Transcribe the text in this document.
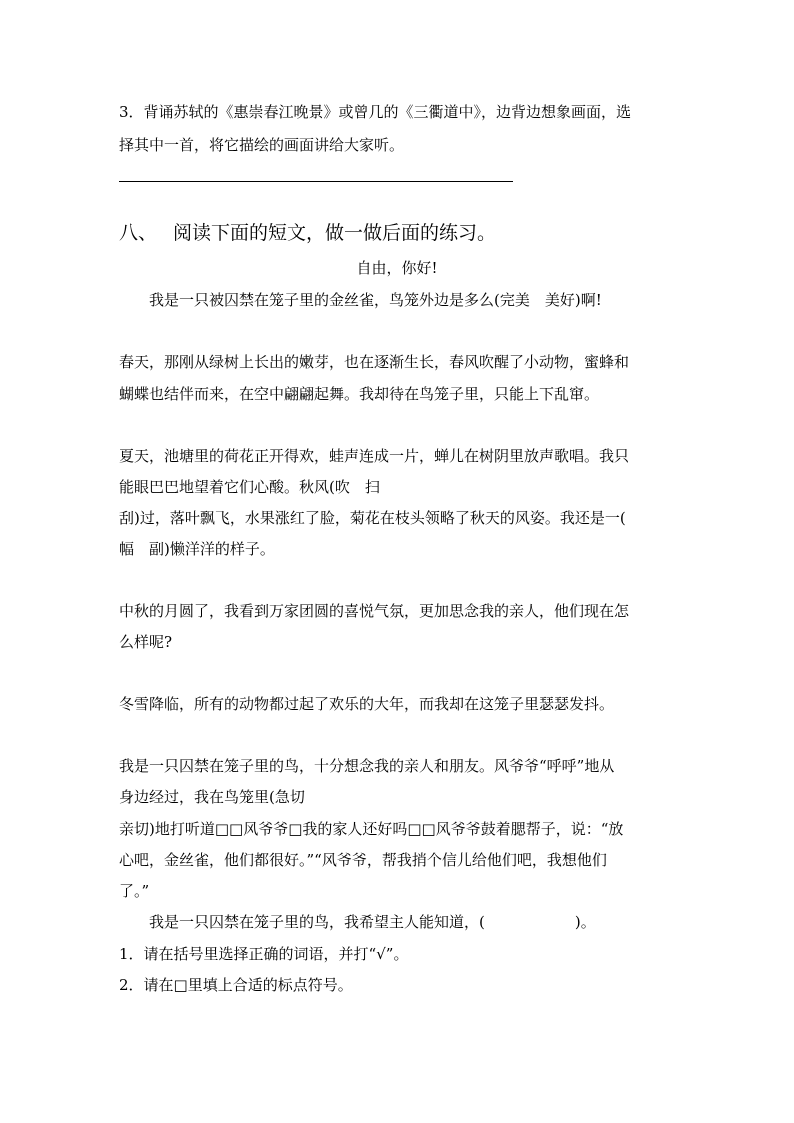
3．背诵苏轼的《惠崇春江晚景》或曾几的《三衢道中》，边背边想象画面，选
择其中一首，将它描绘的画面讲给大家听。
八、 阅读下面的短文，做一做后面的练习。
自由，你好!
　　我是一只被囚禁在笼子里的金丝雀，鸟笼外边是多么(完美　美好)啊!
春天，那刚从绿树上长出的嫩芽，也在逐渐生长，春风吹醒了小动物，蜜蜂和
蝴蝶也结伴而来，在空中翩翩起舞。我却待在鸟笼子里，只能上下乱窜。
夏天，池塘里的荷花正开得欢，蛙声连成一片，蝉儿在树阴里放声歌唱。我只
能眼巴巴地望着它们心酸。秋风(吹　扫
刮)过，落叶飘飞，水果涨红了脸，菊花在枝头领略了秋天的风姿。我还是一(
幅　副)懒洋洋的样子。
中秋的月圆了，我看到万家团圆的喜悦气氛，更加思念我的亲人，他们现在怎
么样呢?
冬雪降临，所有的动物都过起了欢乐的大年，而我却在这笼子里瑟瑟发抖。
我是一只囚禁在笼子里的鸟，十分想念我的亲人和朋友。风爷爷“呼呼”地从
身边经过，我在鸟笼里(急切
亲切)地打听道□□风爷爷□我的家人还好吗□□风爷爷鼓着腮帮子，说：“放
心吧，金丝雀，他们都很好。”“风爷爷，帮我捎个信儿给他们吧，我想他们
了。”
　　我是一只囚禁在笼子里的鸟，我希望主人能知道，(　　　　　　)。
1．请在括号里选择正确的词语，并打“√”。
2．请在□里填上合适的标点符号。
